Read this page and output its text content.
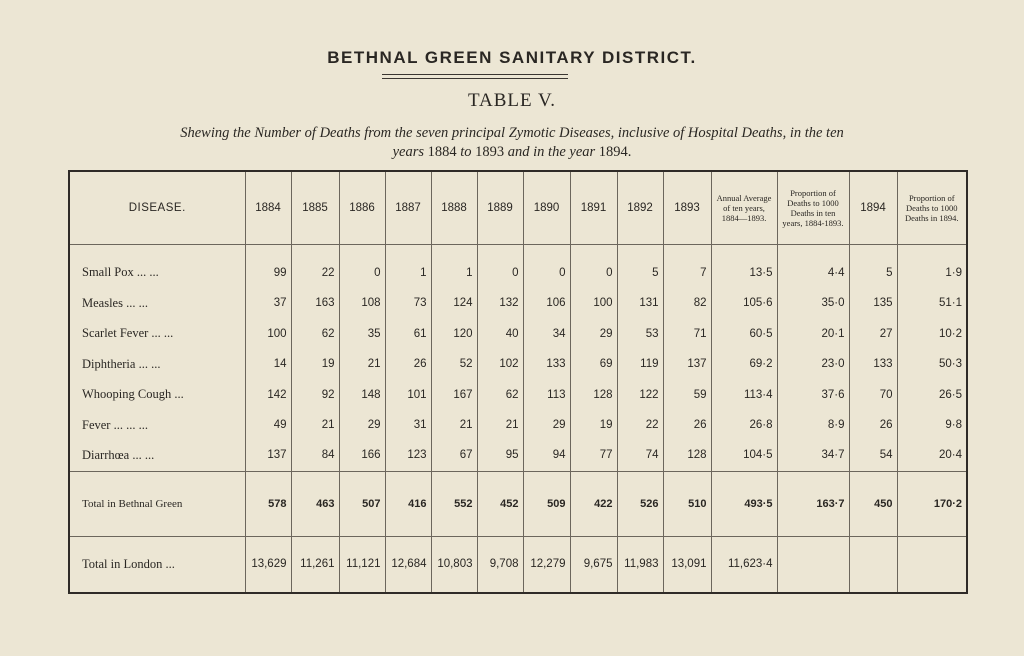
BETHNAL GREEN SANITARY DISTRICT.
TABLE V.
Shewing the Number of Deaths from the seven principal Zymotic Diseases, inclusive of Hospital Deaths, in the ten
years 1884 to 1893 and in the year 1894.
DISEASE.	1884	1885	1886	1887	1888	1889	1890	1891	1892	1893	Annual Average of ten years, 1884—1893.	Proportion of Deaths to 1000 Deaths in ten years, 1884-1893.	1894	Proportion of Deaths to 1000 Deaths in 1894.
Small Pox ... ...	99	22	0	1	1	0	0	0	5	7	13·5	4·4	5	1·9
Measles ... ...	37	163	108	73	124	132	106	100	131	82	105·6	35·0	135	51·1
Scarlet Fever ... ...	100	62	35	61	120	40	34	29	53	71	60·5	20·1	27	10·2
Diphtheria ... ...	14	19	21	26	52	102	133	69	119	137	69·2	23·0	133	50·3
Whooping Cough ...	142	92	148	101	167	62	113	128	122	59	113·4	37·6	70	26·5
Fever ... ... ...	49	21	29	31	21	21	29	19	22	26	26·8	8·9	26	9·8
Diarrhœa ... ...	137	84	166	123	67	95	94	77	74	128	104·5	34·7	54	20·4
Total in Bethnal Green	578	463	507	416	552	452	509	422	526	510	493·5	163·7	450	170·2
Total in London ...	13,629	11,261	11,121	12,684	10,803	9,708	12,279	9,675	11,983	13,091	11,623·4			
